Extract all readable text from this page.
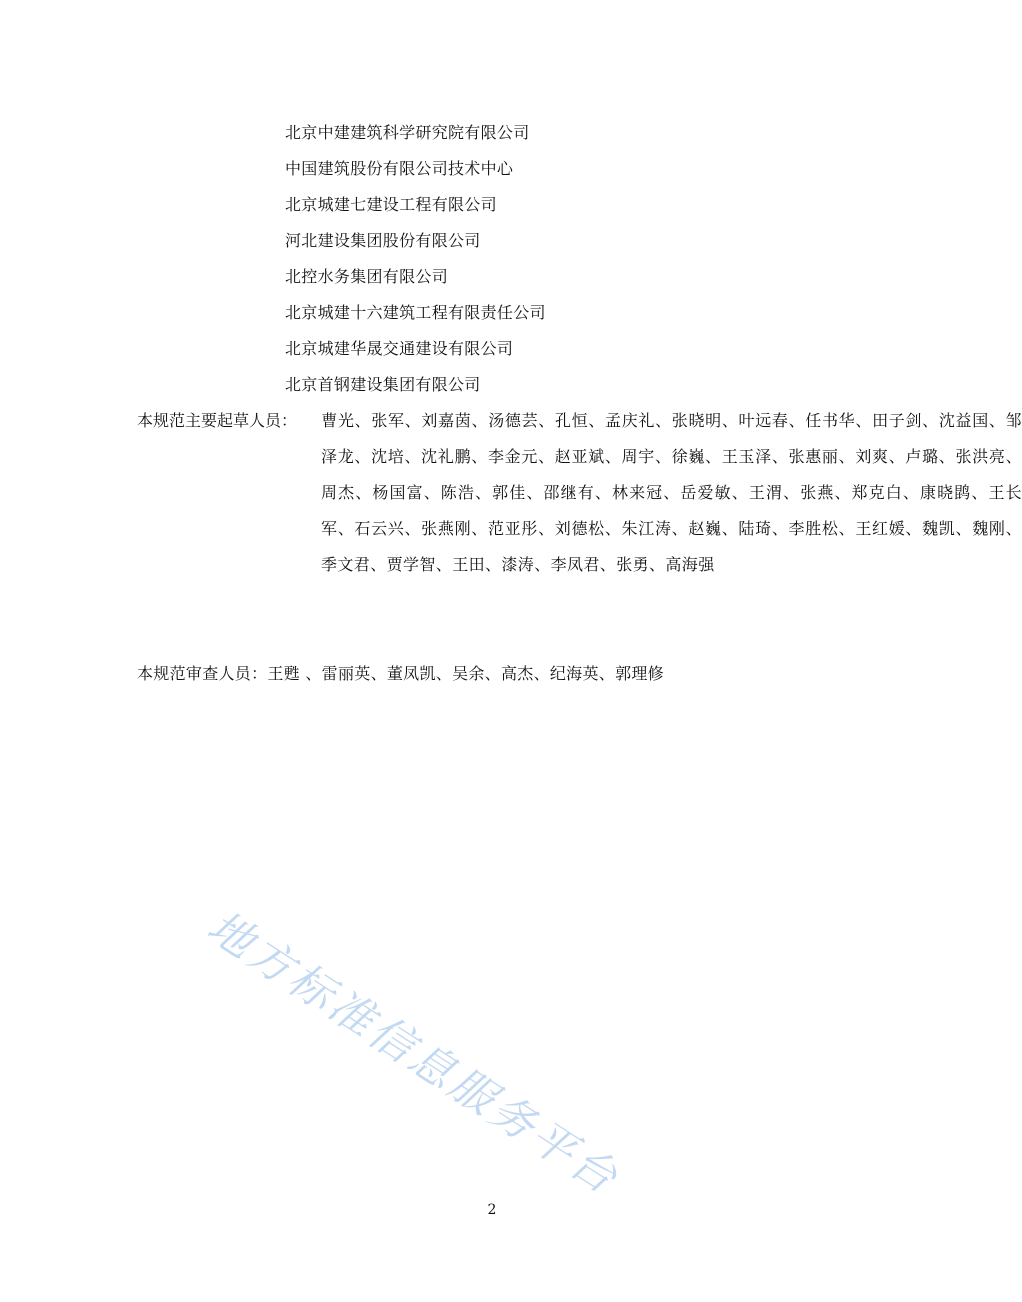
北京中建建筑科学研究院有限公司
中国建筑股份有限公司技术中心
北京城建七建设工程有限公司
河北建设集团股份有限公司
北控水务集团有限公司
北京城建十六建筑工程有限责任公司
北京城建华晟交通建设有限公司
北京首钢建设集团有限公司
本规范主要起草人员：	曹光、张军、刘嘉茵、汤德芸、孔恒、孟庆礼、张晓明、叶远春、任书华、田子剑、沈益国、邹泽龙、沈培、沈礼鹏、李金元、赵亚斌、周宇、徐巍、王玉泽、张惠丽、刘爽、卢璐、张洪亮、周杰、杨国富、陈浩、郭佳、邵继有、林来冠、岳爱敏、王渭、张燕、郑克白、康晓鹍、王长军、石云兴、张燕刚、范亚彤、刘德松、朱江涛、赵巍、陆琦、李胜松、王红媛、魏凯、魏刚、季文君、贾学智、王田、漆涛、李凤君、张勇、高海强
本规范审查人员：王甦 、雷丽英、董凤凯、吴余、高杰、纪海英、郭理修
地方标准信息服务平台
2
